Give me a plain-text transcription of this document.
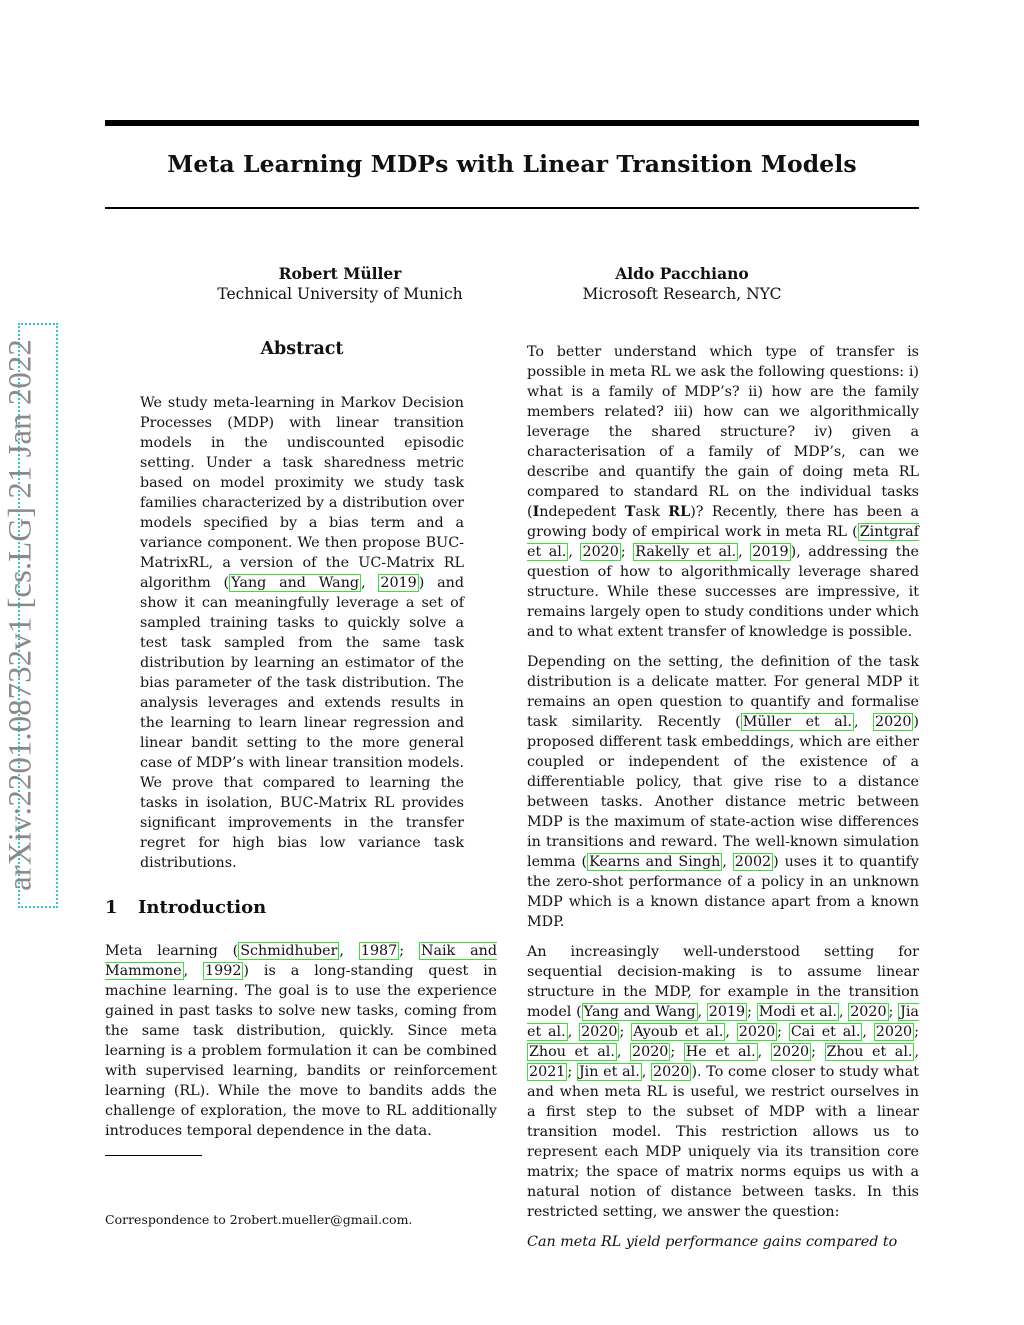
Meta Learning MDPs with Linear Transition Models
Robert Müller
Technical University of Munich
Aldo Pacchiano
Microsoft Research, NYC
arXiv:2201.08732v1 [cs.LG] 21 Jan 2022	Abstract
We study meta-learning in Markov Decision Processes (MDP) with linear transition models in the undiscounted episodic setting. Under a task sharedness metric based on model proximity we study task families characterized by a distribution over models specified by a bias term and a variance component. We then propose BUC-MatrixRL, a version of the UC-Matrix RL algorithm ( Yang and Wang , 2019 ) and show it can meaningfully leverage a set of sampled training tasks to quickly solve a test task sampled from the same task distribution by learning an estimator of the bias parameter of the task distribution. The analysis leverages and extends results in the learning to learn linear regression and linear bandit setting to the more general case of MDP’s with linear transition models. We prove that compared to learning the tasks in isolation, BUC-Matrix RL provides significant improvements in the transfer regret for high bias low variance task distributions.
1 Introduction
Meta learning ( Schmidhuber , 1987 ; Naik and Mammone , 1992 ) is a long-standing quest in machine learning. The goal is to use the experience gained in past tasks to solve new tasks, coming from the same task distribution, quickly. Since meta learning is a problem formulation it can be combined with supervised learning, bandits or reinforcement learning (RL). While the move to bandits adds the challenge of exploration, the move to RL additionally introduces temporal dependence in the data.
Correspondence to 2robert.mueller@gmail.com.

To better understand which type of transfer is possible in meta RL we ask the following questions: i) what is a family of MDP’s? ii) how are the family members related? iii) how can we algorithmically leverage the shared structure? iv) given a characterisation of a family of MDP’s, can we describe and quantify the gain of doing meta RL compared to standard RL on the individual tasks (Indepedent Task RL)? Recently, there has been a growing body of empirical work in meta RL ( Zintgraf et al. , 2020 ; Rakelly et al. , 2019 ), addressing the question of how to algorithmically leverage shared structure. While these successes are impressive, it remains largely open to study conditions under which and to what extent transfer of knowledge is possible.

Depending on the setting, the definition of the task distribution is a delicate matter. For general MDP it remains an open question to quantify and formalise task similarity. Recently ( Müller et al. , 2020 ) proposed different task embeddings, which are either coupled or independent of the existence of a differentiable policy, that give rise to a distance between tasks. Another distance metric between MDP is the maximum of state-action wise differences in transitions and reward. The well-known simulation lemma ( Kearns and Singh , 2002 ) uses it to quantify the zero-shot performance of a policy in an unknown MDP which is a known distance apart from a known MDP.

An increasingly well-understood setting for sequential decision-making is to assume linear structure in the MDP, for example in the transition model ( Yang and Wang , 2019 ; Modi et al. , 2020 ; Jia et al. , 2020 ; Ayoub et al. , 2020 ; Cai et al. , 2020 ; Zhou et al. , 2020 ; He et al. , 2020 ; Zhou et al. , 2021 ; Jin et al. , 2020 ). To come closer to study what and when meta RL is useful, we restrict ourselves in a first step to the subset of MDP with a linear transition model. This restriction allows us to represent each MDP uniquely via its transition core matrix; the space of matrix norms equips us with a natural notion of distance between tasks. In this restricted setting, we answer the question:

Can meta RL yield performance gains compared to
